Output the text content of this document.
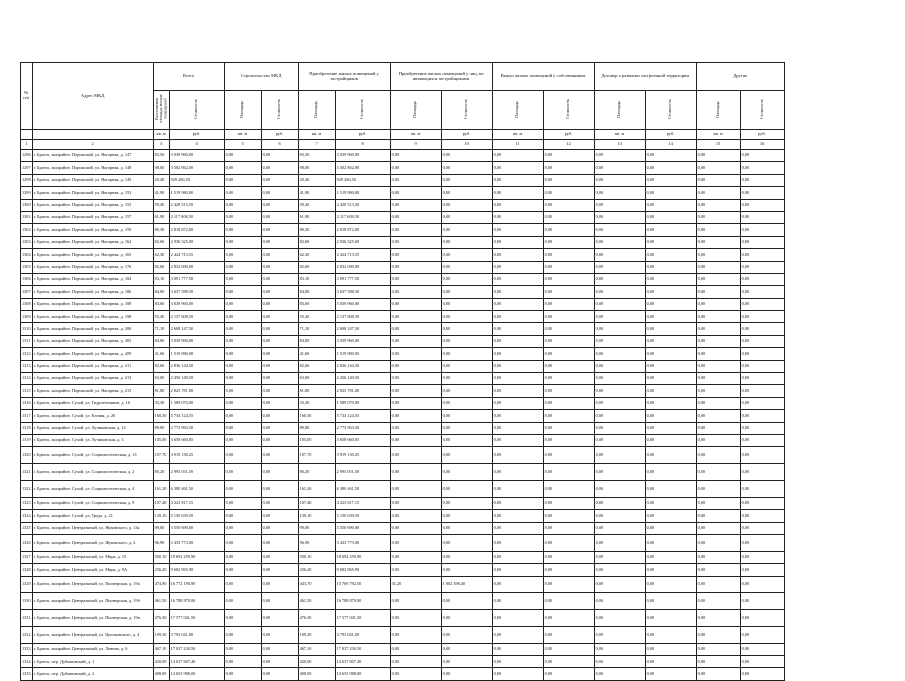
№ п/п	Адрес МКД	Всего		Строительство МКД		Приобретение жилых помещений у застройщиков		Приобретение жилых помещений у лиц, не являющихся застройщиками		Выкуп жилых помещений у собственников		Договор о развитии застроенной территории		Другие	
		Расселяемая площадь жилых помещений	Стоимость	Площадь	Стоимость	Площадь	Стоимость	Площадь	Стоимость	Площадь	Стоимость	Площадь	Стоимость	Площадь	Стоимость
		кв. м	руб.	кв. м	руб.	кв. м	руб.	кв. м	руб.	кв. м	руб.	кв. м	руб.	кв. м	руб.
1	2	3	4	5	6	7	8	9	10	11	12	13	14	15	16
1296	г. Братск, жилрайон. Порожский, ул. Нагорная, д. 147	83,50	3 039 960,00	0,00	0,00	83,50	3 039 960,00	0,00	0,00	0,00	0,00	0,00	0,00	0,00	0,00
1297	г. Братск, жилрайон. Порожский, ул. Нагорная, д. 148	98,00	3 502 862,00	0,00	0,00	98,00	3 502 862,00	0,00	0,00	0,00	0,00	0,00	0,00	0,00	0,00
1298	г. Братск, жилрайон. Порожский, ул. Нагорная, д. 149	20,40	929 260,50	0,00	0,00	20,40	929 260,50	0,00	0,00	0,00	0,00	0,00	0,00	0,00	0,00
1299	г. Братск, жилрайон. Порожский, ул. Нагорная, д. 153	41,90	1 519 980,00	0,00	0,00	41,90	1 519 980,00	0,00	0,00	0,00	0,00	0,00	0,00	0,00	0,00
1300	г. Братск, жилрайон. Порожский, ул. Нагорная, д. 155	59,40	2 428 513,50	0,00	0,00	59,40	2 428 513,50	0,00	0,00	0,00	0,00	0,00	0,00	0,00	0,00
1301	г. Братск, жилрайон. Порожский, ул. Нагорная, д. 157	61,90	2 117 608,50	0,00	0,00	61,90	2 117 608,50	0,00	0,00	0,00	0,00	0,00	0,00	0,00	0,00
1302	г. Братск, жилрайон. Порожский, ул. Нагорная, д. 159	80,30	2 818 872,00	0,00	0,00	80,30	2 818 872,00	0,00	0,00	0,00	0,00	0,00	0,00	0,00	0,00
1303	г. Братск, жилрайон. Порожский, ул. Нагорная, д. 162	82,60	2 936 325,00	0,00	0,00	82,60	2 936 325,00	0,00	0,00	0,00	0,00	0,00	0,00	0,00	0,00
1304	г. Братск, жилрайон. Порожский, ул. Нагорная, д. 165	62,30	2 424 713,55	0,00	0,00	62,30	2 424 713,55	0,00	0,00	0,00	0,00	0,00	0,00	0,00	0,00
1305	г. Братск, жилрайон. Порожский, ул. Нагорная, д. 176	82,60	2 832 690,00	0,00	0,00	82,60	2 832 690,00	0,00	0,00	0,00	0,00	0,00	0,00	0,00	0,00
1306	г. Братск, жилрайон. Порожский, ул. Нагорная, д. 184	83,10	3 091 777,50	0,00	0,00	83,10	3 091 777,50	0,00	0,00	0,00	0,00	0,00	0,00	0,00	0,00
1307	г. Братск, жилрайон. Порожский, ул. Нагорная, д. 186	84,00	3 637 588,50	0,00	0,00	84,00	3 637 588,50	0,00	0,00	0,00	0,00	0,00	0,00	0,00	0,00
1308	г. Братск, жилрайон. Порожский, ул. Нагорная, д. 188	83,60	3 039 960,00	0,00	0,00	83,60	3 039 960,00	0,00	0,00	0,00	0,00	0,00	0,00	0,00	0,00
1309	г. Братск, жилрайон. Порожский, ул. Нагорная, д. 198	55,40	2 137 608,50	0,00	0,00	55,40	2 137 608,50	0,00	0,00	0,00	0,00	0,00	0,00	0,00	0,00
1310	г. Братск, жилрайон. Порожский, ул. Нагорная, д. 200	71,10	2 608 147,50	0,00	0,00	71,10	2 608 147,50	0,00	0,00	0,00	0,00	0,00	0,00	0,00	0,00
1311	г. Братск, жилрайон. Порожский, ул. Нагорная, д. 205	84,80	3 039 960,00	0,00	0,00	84,80	3 039 960,00	0,00	0,00	0,00	0,00	0,00	0,00	0,00	0,00
1312	г. Братск, жилрайон. Порожский, ул. Нагорная, д. 209	41,60	1 519 980,00	0,00	0,00	41,60	1 519 980,00	0,00	0,00	0,00	0,00	0,00	0,00	0,00	0,00
1313	г. Братск, жилрайон. Порожский, ул. Нагорная, д. 211	82,60	2 836 144,50	0,00	0,00	82,60	2 836 144,50	0,00	0,00	0,00	0,00	0,00	0,00	0,00	0,00
1314	г. Братск, жилрайон. Порожский, ул. Нагорная, д. 213	63,00	2 456 149,50	0,00	0,00	63,00	2 456 149,50	0,00	0,00	0,00	0,00	0,00	0,00	0,00	0,00
1315	г. Братск, жилрайон. Порожский, ул. Нагорная, д. 215	81,80	2 825 781,00	0,00	0,00	81,80	2 825 781,00	0,00	0,00	0,00	0,00	0,00	0,00	0,00	0,00
1316	г. Братск, жилрайон. Сухой, ул. Гидротехников, д. 16	33,30	1 589 070,00	0,00	0,00	33,30	1 589 070,00	0,00	0,00	0,00	0,00	0,00	0,00	0,00	0,00
1317	г. Братск, жилрайон. Сухой, ул. Еловая, д. 26	160,50	5 734 124,55	0,00	0,00	160,50	5 734 124,55	0,00	0,00	0,00	0,00	0,00	0,00	0,00	0,00
1318	г. Братск, жилрайон. Сухой, ул. Лучиковская, д. 12	89,80	2 773 963,50	0,00	0,00	89,80	2 773 963,50	0,00	0,00	0,00	0,00	0,00	0,00	0,00	0,00
1319	г. Братск, жилрайон. Сухой, ул. Лучиковская, д. 3	105,00	3 658 660,05	0,00	0,00	105,00	3 658 660,05	0,00	0,00	0,00	0,00	0,00	0,00	0,00	0,00
1320	г. Братск, жилрайон. Сухой, ул. Социалистическая, д. 13	107,70	3 919 130,25	0,00	0,00	107,70	3 919 130,25	0,00	0,00	0,00	0,00	0,00	0,00	0,00	0,00
1321	г. Братск, жилрайон. Сухой, ул. Социалистическая, д. 2	80,20	2 995 051,50	0,00	0,00	80,20	2 995 051,50	0,00	0,00	0,00	0,00	0,00	0,00	0,00	0,00
1322	г. Братск, жилрайон. Сухой, ул. Социалистическая, д. 4	161,20	6 380 461,50	0,00	0,00	161,20	6 380 461,50	0,00	0,00	0,00	0,00	0,00	0,00	0,00	0,00
1323	г. Братск, жилрайон. Сухой, ул. Социалистическая, д. 9	107,40	4 223 817,15	0,00	0,00	107,40	4 223 817,15	0,00	0,00	0,00	0,00	0,00	0,00	0,00	0,00
1324	г. Братск, жилрайон. Сухой, ул. Труда, д. 21	139,10	5 150 639,50	0,00	0,00	139,10	5 150 639,50	0,00	0,00	0,00	0,00	0,00	0,00	0,00	0,00
1325	г. Братск, жилрайон. Центральный, ул. Жуковского, д. 13а	99,00	3 550 690,00	0,00	0,00	99,00	3 550 690,00	0,00	0,00	0,00	0,00	0,00	0,00	0,00	0,00
1326	г. Братск, жилрайон. Центральный, ул. Жуковского, д. 2	96,90	3 433 773,00	0,00	0,00	96,90	3 433 773,00	0,00	0,00	0,00	0,00	0,00	0,00	0,00	0,00
1327	г. Братск, жилрайон. Центральный, ул. Мира, д. 15	500,10	18 692 259,90	0,00	0,00	500,10	18 692 259,90	0,00	0,00	0,00	0,00	0,00	0,00	0,00	0,00
1328	г. Братск, жилрайон. Центральный, ул. Мира, д. 9А	256,20	9 682 965,90	0,00	0,00	256,20	9 682 965,90	0,00	0,00	0,00	0,00	0,00	0,00	0,00	0,00
1329	г. Братск, жилрайон. Центральный, ул. Пионерская, д. 19а	474,90	16 772 190,90	0,00	0,00	443,70	15 769 792,50	31,20	1 002 398,40	0,00	0,00	0,00	0,00	0,00	0,00
1330	г. Братск, жилрайон. Центральный, ул. Пионерская, д. 19б	461,50	16 788 870,00	0,00	0,00	461,50	16 788 870,00	0,00	0,00	0,00	0,00	0,00	0,00	0,00	0,00
1331	г. Братск, жилрайон. Центральный, ул. Пионерская, д. 19в	476,30	17 577 041,50	0,00	0,00	476,30	17 577 041,50	0,00	0,00	0,00	0,00	0,00	0,00	0,00	0,00
1332	г. Братск, жилрайон. Центральный, ул. Циолковского, д. 4	109,30	3 793 041,00	0,00	0,00	109,30	3 793 041,00	0,00	0,00	0,00	0,00	0,00	0,00	0,00	0,00
1333	г. Братск, жилрайон. Центральный, ул. Ленина, д. 6	467,10	17 037 230,50	0,00	0,00	467,10	17 037 230,50	0,00	0,00	0,00	0,00	0,00	0,00	0,00	0,00
1334	г. Братск, пер. Дубынинский, д. 1	420,00	14 637 607,40	0,00	0,00	420,00	14 637 607,40	0,00	0,00	0,00	0,00	0,00	0,00	0,00	0,00
1335	г. Братск, пер. Дубынинский, д. 2	408,00	14 653 988,00	0,00	0,00	408,00	14 653 988,00	0,00	0,00	0,00	0,00	0,00	0,00	0,00	0,00
